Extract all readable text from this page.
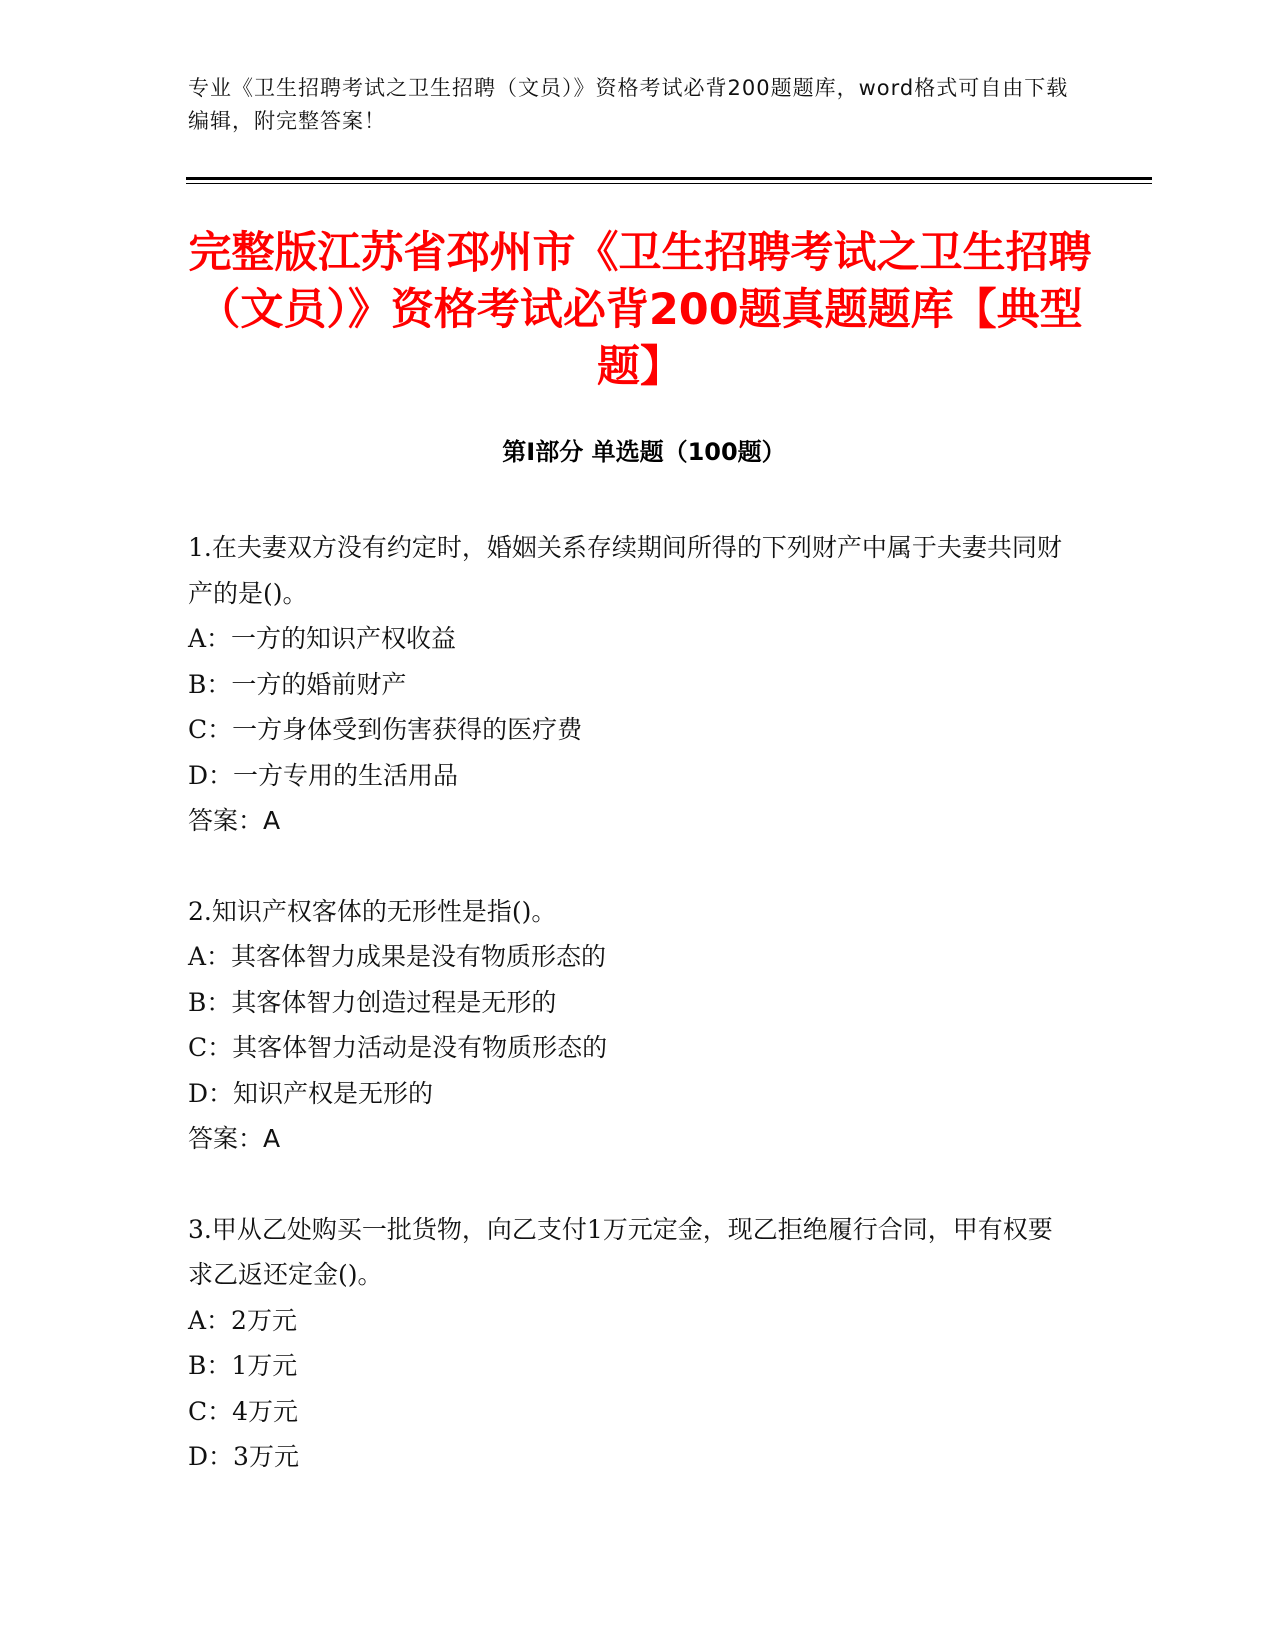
专业《卫生招聘考试之卫生招聘（文员）》资格考试必背200题题库，word格式可自由下载编辑，附完整答案！
完整版江苏省邳州市《卫生招聘考试之卫生招聘（文员）》资格考试必背200题真题题库【典型题】
第I部分 单选题（100题）

1.在夫妻双方没有约定时，婚姻关系存续期间所得的下列财产中属于夫妻共同财产的是()。

A：一方的知识产权收益

B：一方的婚前财产

C：一方身体受到伤害获得的医疗费

D：一方专用的生活用品

答案：A

2.知识产权客体的无形性是指()。

A：其客体智力成果是没有物质形态的

B：其客体智力创造过程是无形的

C：其客体智力活动是没有物质形态的

D：知识产权是无形的

答案：A

3.甲从乙处购买一批货物，向乙支付1万元定金，现乙拒绝履行合同，甲有权要求乙返还定金()。

A：2万元

B：1万元

C：4万元

D：3万元
